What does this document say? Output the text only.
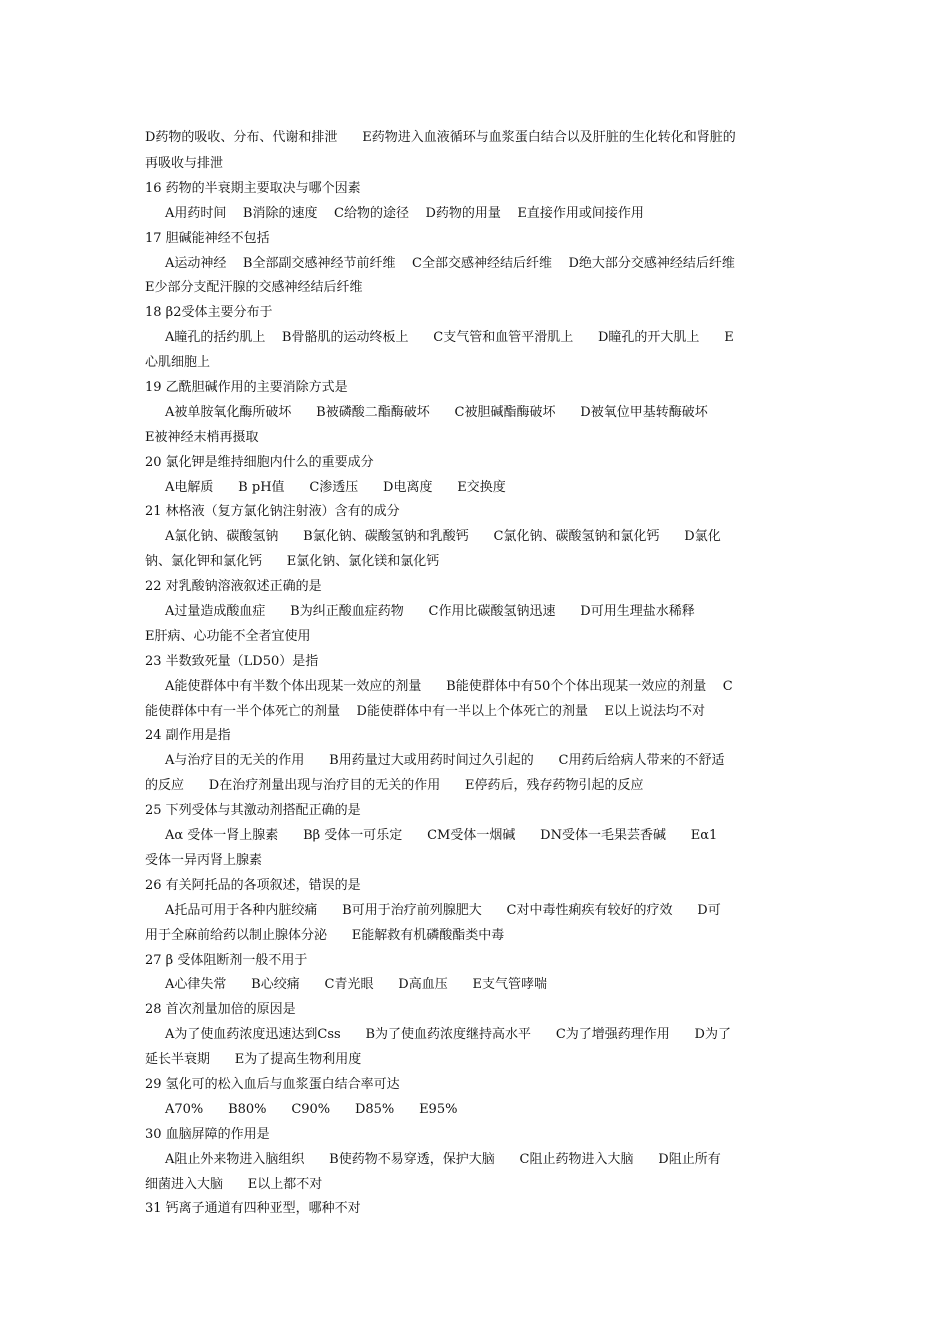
D药物的吸收、分布、代谢和排泄      E药物进入血液循环与血浆蛋白结合以及肝脏的生化转化和肾脏的
再吸收与排泄
16 药物的半衰期主要取决与哪个因素
A用药时间    B消除的速度    C给物的途径    D药物的用量    E直接作用或间接作用
17 胆碱能神经不包括
A运动神经    B全部副交感神经节前纤维    C全部交感神经结后纤维    D绝大部分交感神经结后纤维
E少部分支配汗腺的交感神经结后纤维
18 β2受体主要分布于
A瞳孔的括约肌上    B骨骼肌的运动终板上      C支气管和血管平滑肌上      D瞳孔的开大肌上      E
心肌细胞上
19 乙酰胆碱作用的主要消除方式是
A被单胺氧化酶所破坏      B被磷酸二酯酶破坏      C被胆碱酯酶破坏      D被氧位甲基转酶破坏
E被神经末梢再摄取
20 氯化钾是维持细胞内什么的重要成分
A电解质      B pH值      C渗透压      D电离度      E交换度
21 林格液（复方氯化钠注射液）含有的成分
A氯化钠、碳酸氢钠      B氯化钠、碳酸氢钠和乳酸钙      C氯化钠、碳酸氢钠和氯化钙      D氯化
钠、氯化钾和氯化钙      E氯化钠、氯化镁和氯化钙
22 对乳酸钠溶液叙述正确的是
A过量造成酸血症      B为纠正酸血症药物      C作用比碳酸氢钠迅速      D可用生理盐水稀释
E肝病、心功能不全者宜使用
23 半数致死量（LD50）是指
A能使群体中有半数个体出现某一效应的剂量      B能使群体中有50个个体出现某一效应的剂量    C
能使群体中有一半个体死亡的剂量    D能使群体中有一半以上个体死亡的剂量    E以上说法均不对
24 副作用是指
A与治疗目的无关的作用      B用药量过大或用药时间过久引起的      C用药后给病人带来的不舒适
的反应      D在治疗剂量出现与治疗目的无关的作用      E停药后，残存药物引起的反应
25 下列受体与其激动剂搭配正确的是
Aα 受体一肾上腺素      Bβ 受体一可乐定      CM受体一烟碱      DN受体一毛果芸香碱      Eα1
受体一异丙肾上腺素
26 有关阿托品的各项叙述，错误的是
A托品可用于各种内脏绞痛      B可用于治疗前列腺肥大      C对中毒性痢疾有较好的疗效      D可
用于全麻前给药以制止腺体分泌      E能解救有机磷酸酯类中毒
27 β 受体阻断剂一般不用于
A心律失常      B心绞痛      C青光眼      D高血压      E支气管哮喘
28 首次剂量加倍的原因是
A为了使血药浓度迅速达到Css      B为了使血药浓度继持高水平      C为了增强药理作用      D为了
延长半衰期      E为了提高生物利用度
29 氢化可的松入血后与血浆蛋白结合率可达
A70%      B80%      C90%      D85%      E95%
30 血脑屏障的作用是
A阻止外来物进入脑组织      B使药物不易穿透，保护大脑      C阻止药物进入大脑      D阻止所有
细菌进入大脑      E以上都不对
31 钙离子通道有四种亚型，哪种不对
